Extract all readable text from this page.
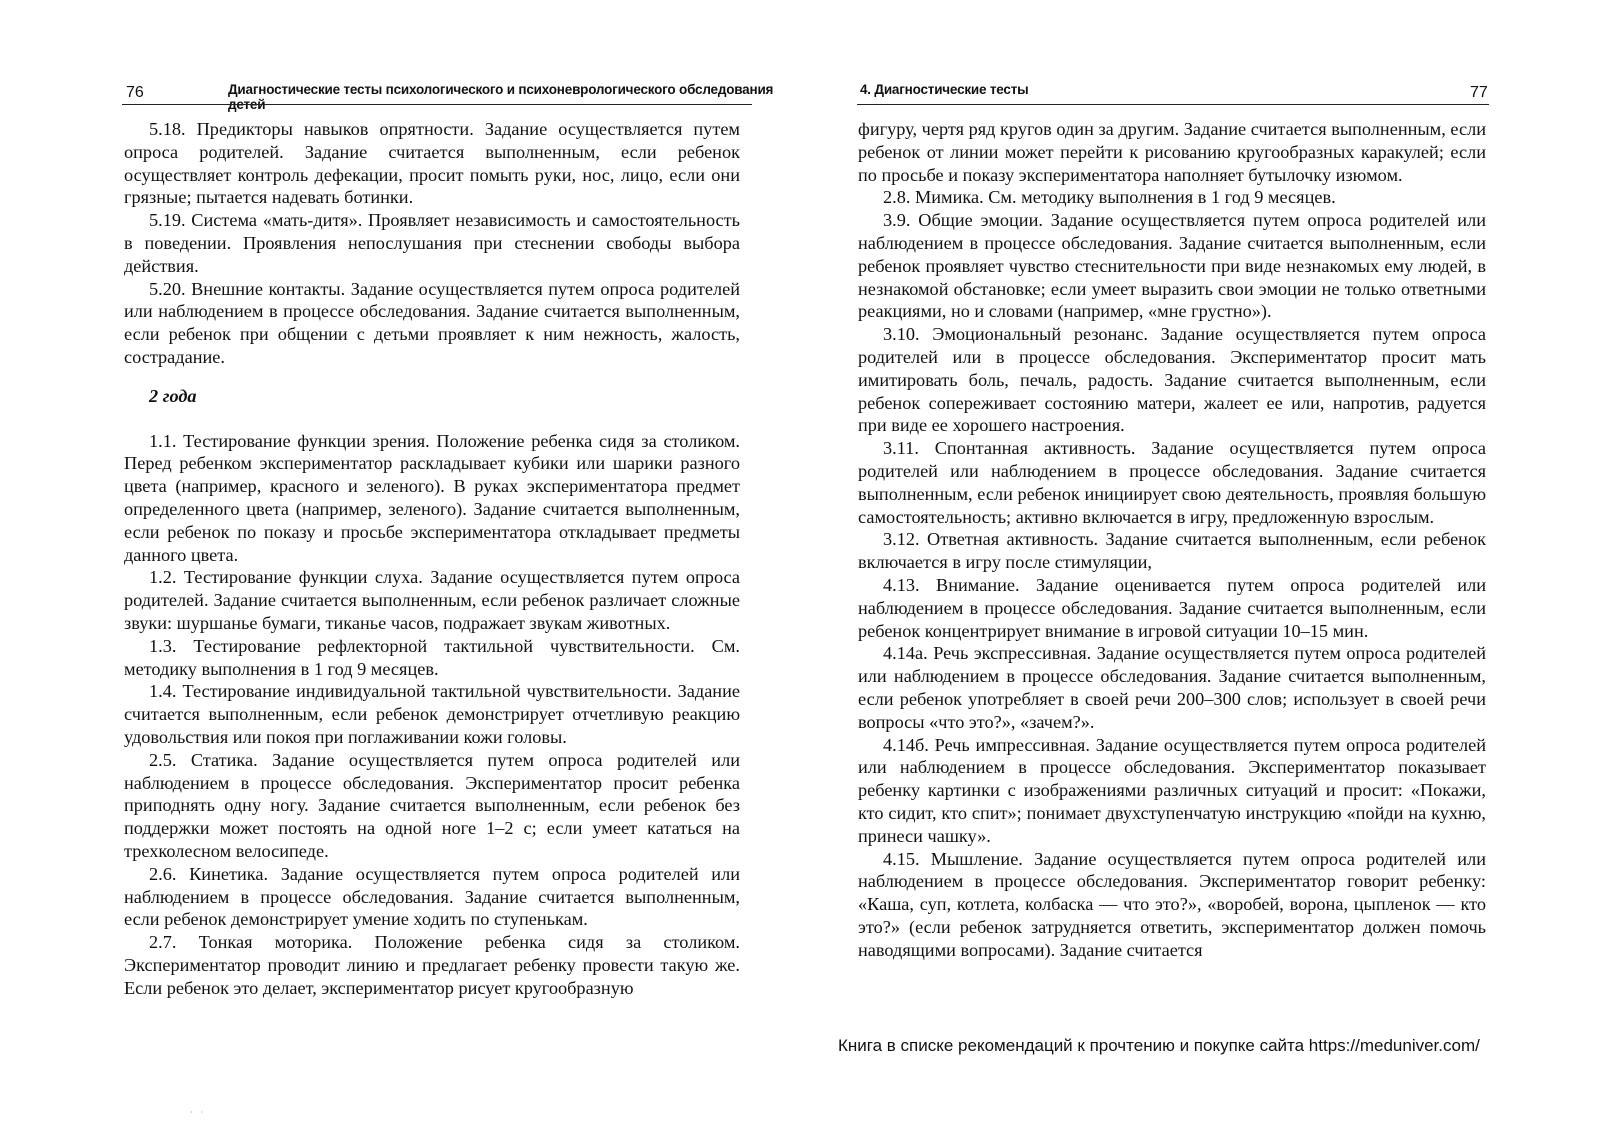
76	Диагностические тесты психологического и психоневрологического обследования детей

5.18. Предикторы навыков опрятности. Задание осуществляется путем опроса родителей. Задание считается выполненным, если ребенок осуществляет контроль дефекации, просит помыть руки, нос, лицо, если они грязные; пытается надевать ботинки.

5.19. Система «мать-дитя». Проявляет независимость и самостоятельность в поведении. Проявления непослушания при стеснении свободы выбора действия.

5.20. Внешние контакты. Задание осуществляется путем опроса родителей или наблюдением в процессе обследования. Задание считается выполненным, если ребенок при общении с детьми проявляет к ним нежность, жалость, сострадание.

2 года

1.1. Тестирование функции зрения. Положение ребенка сидя за столиком. Перед ребенком экспериментатор раскладывает кубики или шарики разного цвета (например, красного и зеленого). В руках экспериментатора предмет определенного цвета (например, зеленого). Задание считается выполненным, если ребенок по показу и просьбе экспериментатора откладывает предметы данного цвета.

1.2. Тестирование функции слуха. Задание осуществляется путем опроса родителей. Задание считается выполненным, если ребенок различает сложные звуки: шуршанье бумаги, тиканье часов, подражает звукам животных.

1.3. Тестирование рефлекторной тактильной чувствительности. См. методику выполнения в 1 год 9 месяцев.

1.4. Тестирование индивидуальной тактильной чувствительности. Задание считается выполненным, если ребенок демонстрирует отчетливую реакцию удовольствия или покоя при поглаживании кожи головы.

2.5. Статика. Задание осуществляется путем опроса родителей или наблюдением в процессе обследования. Экспериментатор просит ребенка приподнять одну ногу. Задание считается выполненным, если ребенок без поддержки может постоять на одной ноге 1–2 с; если умеет кататься на трехколесном велосипеде.

2.6. Кинетика. Задание осуществляется путем опроса родителей или наблюдением в процессе обследования. Задание считается выполненным, если ребенок демонстрирует умение ходить по ступенькам.

2.7. Тонкая моторика. Положение ребенка сидя за столиком. Экспериментатор проводит линию и предлагает ребенку провести такую же. Если ребенок это делает, экспериментатор рисует кругообразную

· ·
4. Диагностические тесты	77

фигуру, чертя ряд кругов один за другим. Задание считается выполненным, если ребенок от линии может перейти к рисованию кругообразных каракулей; если по просьбе и показу экспериментатора наполняет бутылочку изюмом.

2.8. Мимика. См. методику выполнения в 1 год 9 месяцев.

3.9. Общие эмоции. Задание осуществляется путем опроса родителей или наблюдением в процессе обследования. Задание считается выполненным, если ребенок проявляет чувство стеснительности при виде незнакомых ему людей, в незнакомой обстановке; если умеет выразить свои эмоции не только ответными реакциями, но и словами (например, «мне грустно»).

3.10. Эмоциональный резонанс. Задание осуществляется путем опроса родителей или в процессе обследования. Экспериментатор просит мать имитировать боль, печаль, радость. Задание считается выполненным, если ребенок сопереживает состоянию матери, жалеет ее или, напротив, радуется при виде ее хорошего настроения.

3.11. Спонтанная активность. Задание осуществляется путем опроса родителей или наблюдением в процессе обследования. Задание считается выполненным, если ребенок инициирует свою деятельность, проявляя большую самостоятельность; активно включается в игру, предложенную взрослым.

3.12. Ответная активность. Задание считается выполненным, если ребенок включается в игру после стимуляции,

4.13. Внимание. Задание оценивается путем опроса родителей или наблюдением в процессе обследования. Задание считается выполненным, если ребенок концентрирует внимание в игровой ситуации 10–15 мин.

4.14а. Речь экспрессивная. Задание осуществляется путем опроса родителей или наблюдением в процессе обследования. Задание считается выполненным, если ребенок употребляет в своей речи 200–300 слов; использует в своей речи вопросы «что это?», «зачем?».

4.14б. Речь импрессивная. Задание осуществляется путем опроса родителей или наблюдением в процессе обследования. Экспериментатор показывает ребенку картинки с изображениями различных ситуаций и просит: «Покажи, кто сидит, кто спит»; понимает двухступенчатую инструкцию «пойди на кухню, принеси чашку».

4.15. Мышление. Задание осуществляется путем опроса родителей или наблюдением в процессе обследования. Экспериментатор говорит ребенку: «Каша, суп, котлета, колбаска — что это?», «воробей, ворона, цыпленок — кто это?» (если ребенок затрудняется ответить, экспериментатор должен помочь наводящими вопросами). Задание считается

Книга в списке рекомендаций к прочтению и покупке сайта https://meduniver.com/
